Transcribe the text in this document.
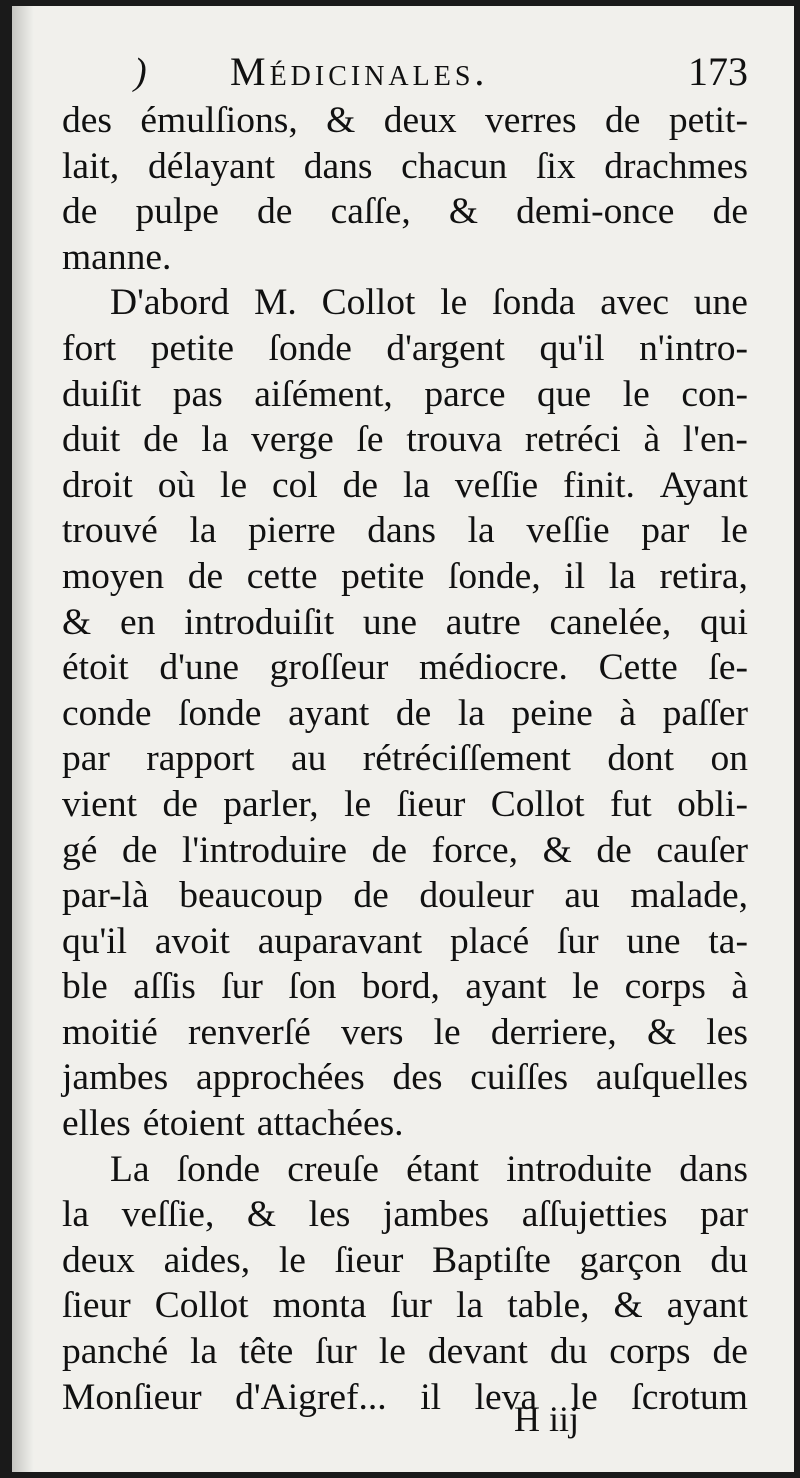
) Médicinales.	173
des émulſions, & deux verres de petit-
lait, délayant dans chacun ſix drachmes
de pulpe de caſſe, & demi-once de
manne.
D'abord M. Collot le ſonda avec une
fort petite ſonde d'argent qu'il n'intro-
duiſit pas aiſément, parce que le con-
duit de la verge ſe trouva retréci à l'en-
droit où le col de la veſſie finit. Ayant
trouvé la pierre dans la veſſie par le
moyen de cette petite ſonde, il la retira,
& en introduiſit une autre canelée, qui
étoit d'une groſſeur médiocre. Cette ſe-
conde ſonde ayant de la peine à paſſer
par rapport au rétréciſſement dont on
vient de parler, le ſieur Collot fut obli-
gé de l'introduire de force, & de cauſer
par-là beaucoup de douleur au malade,
qu'il avoit auparavant placé ſur une ta-
ble aſſis ſur ſon bord, ayant le corps à
moitié renverſé vers le derriere, & les
jambes approchées des cuiſſes auſquelles
elles étoient attachées.
La ſonde creuſe étant introduite dans
la veſſie, & les jambes aſſujetties par
deux aides, le ſieur Baptiſte garçon du
ſieur Collot monta ſur la table, & ayant
panché la tête ſur le devant du corps de
Monſieur d'Aigref... il leva le ſcrotum
H iij
